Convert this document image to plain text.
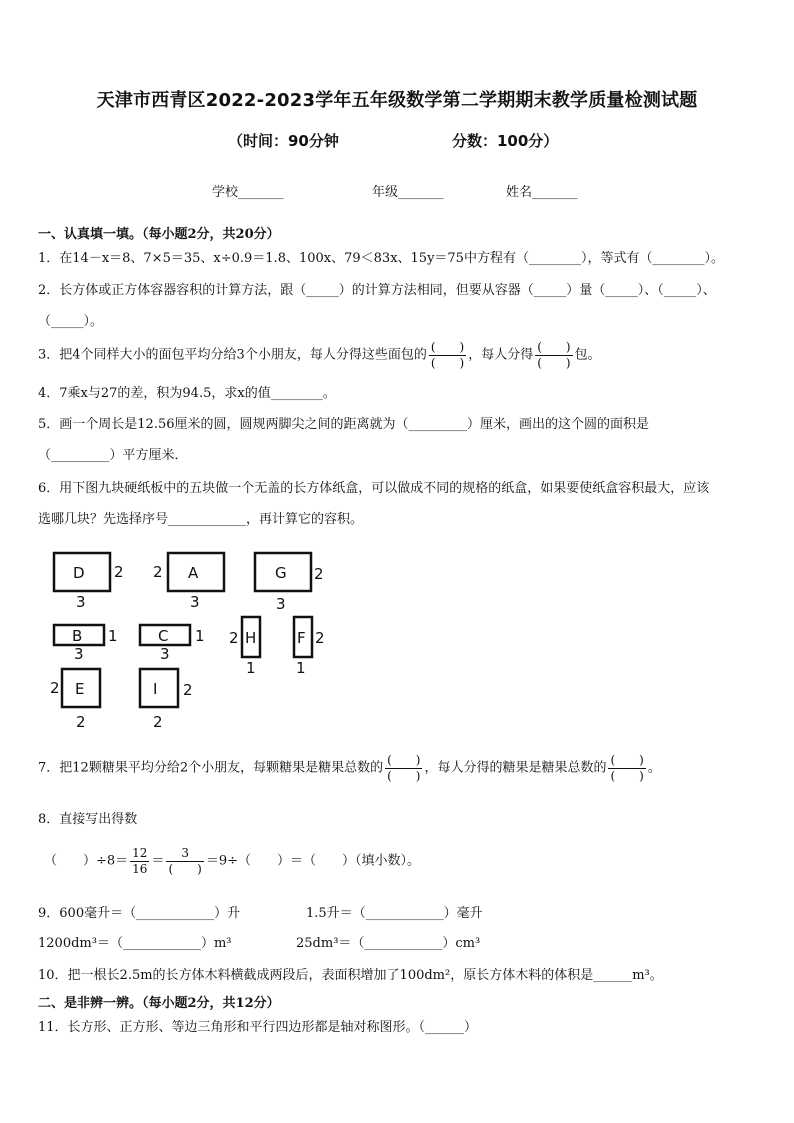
天津市西青区2022-2023学年五年级数学第二学期期末教学质量检测试题
（时间：90分钟	分数：100分）
学校_______	年级_______	姓名_______
一、认真填一填。（每小题2分，共20分）
1．在14－x＝8、7×5＝35、x÷0.9＝1.8、100x、79＜83x、15y＝75中方程有（________），等式有（________）。
2．长方体或正方体容器容积的计算方法，跟（_____）的计算方法相同，但要从容器（_____）量（_____）、（_____）、
（_____）。
3．把4个同样大小的面包平均分给3个小朋友，每人分得这些面包的 $\frac{( )}{( )}$ ，每人分得 $\frac{( )}{( )}$ 包。
4．7乘x与27的差，积为94.5，求x的值________。
5．画一个周长是12.56厘米的圆，圆规两脚尖之间的距离就为（_________）厘米，画出的这个圆的面积是
（_________）平方厘米．
6．用下图九块硬纸板中的五块做一个无盖的长方体纸盒，可以做成不同的规格的纸盒，如果要使纸盒容积最大，应该
选哪几块？先选择序号____________，再计算它的容积。
D	A	G
B	C	H	F
E	I
2
3
2
3
2
3
1
3
1
3
2
1
2
1
2
2
2
2
7．把12颗糖果平均分给2个小朋友，每颗糖果是糖果总数的 $\frac{( )}{( )}$ ，每人分得的糖果是糖果总数的 $\frac{( )}{( )}$ 。
8．直接写出得数
（　　）$\div 8= \frac{12}{16} = \frac{3}{( )} =9\div$（　　）＝（　　）（填小数）。
9．600毫升＝（____________）升	1.5升＝（____________）毫升
1200dm³＝（____________）m³	25dm³＝（____________）cm³
10．把一根长2.5m的长方体木料横截成两段后，表面积增加了100dm²，原长方体木料的体积是______m³。
二、是非辨一辨。（每小题2分，共12分）
11．长方形、正方形、等边三角形和平行四边形都是轴对称图形。（______）
